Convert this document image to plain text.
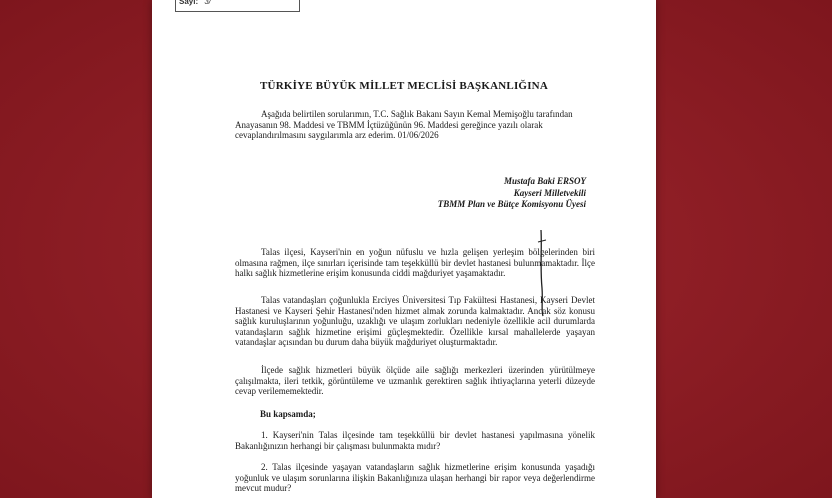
Sayı: 3/
TÜRKİYE BÜYÜK MİLLET MECLİSİ BAŞKANLIĞINA
Aşağıda belirtilen sorularımın, T.C. Sağlık Bakanı Sayın Kemal Memişoğlu tarafından
Anayasanın 98. Maddesi ve TBMM İçtüzüğünün 96. Maddesi gereğince yazılı olarak
cevaplandırılmasını saygılarımla arz ederim. 01/06/2026
Mustafa Baki ERSOY
Kayseri Milletvekili
TBMM Plan ve Bütçe Komisyonu Üyesi
Talas ilçesi, Kayseri'nin en yoğun nüfuslu ve hızla gelişen yerleşim bölgelerinden biri olmasına rağmen, ilçe sınırları içerisinde tam teşekküllü bir devlet hastanesi bulunmamaktadır. İlçe halkı sağlık hizmetlerine erişim konusunda ciddi mağduriyet yaşamaktadır.
Talas vatandaşları çoğunlukla Erciyes Üniversitesi Tıp Fakültesi Hastanesi, Kayseri Devlet Hastanesi ve Kayseri Şehir Hastanesi'nden hizmet almak zorunda kalmaktadır. Ancak söz konusu sağlık kuruluşlarının yoğunluğu, uzaklığı ve ulaşım zorlukları nedeniyle özellikle acil durumlarda vatandaşların sağlık hizmetine erişimi güçleşmektedir. Özellikle kırsal mahallelerde yaşayan vatandaşlar açısından bu durum daha büyük mağduriyet oluşturmaktadır.
İlçede sağlık hizmetleri büyük ölçüde aile sağlığı merkezleri üzerinden yürütülmeye çalışılmakta, ileri tetkik, görüntüleme ve uzmanlık gerektiren sağlık ihtiyaçlarına yeterli düzeyde cevap verilememektedir.
Bu kapsamda;
1. Kayseri'nin Talas ilçesinde tam teşekküllü bir devlet hastanesi yapılmasına yönelik Bakanlığınızın herhangi bir çalışması bulunmakta mıdır?
2. Talas ilçesinde yaşayan vatandaşların sağlık hizmetlerine erişim konusunda yaşadığı yoğunluk ve ulaşım sorunlarına ilişkin Bakanlığınıza ulaşan herhangi bir rapor veya değerlendirme mevcut mudur?
